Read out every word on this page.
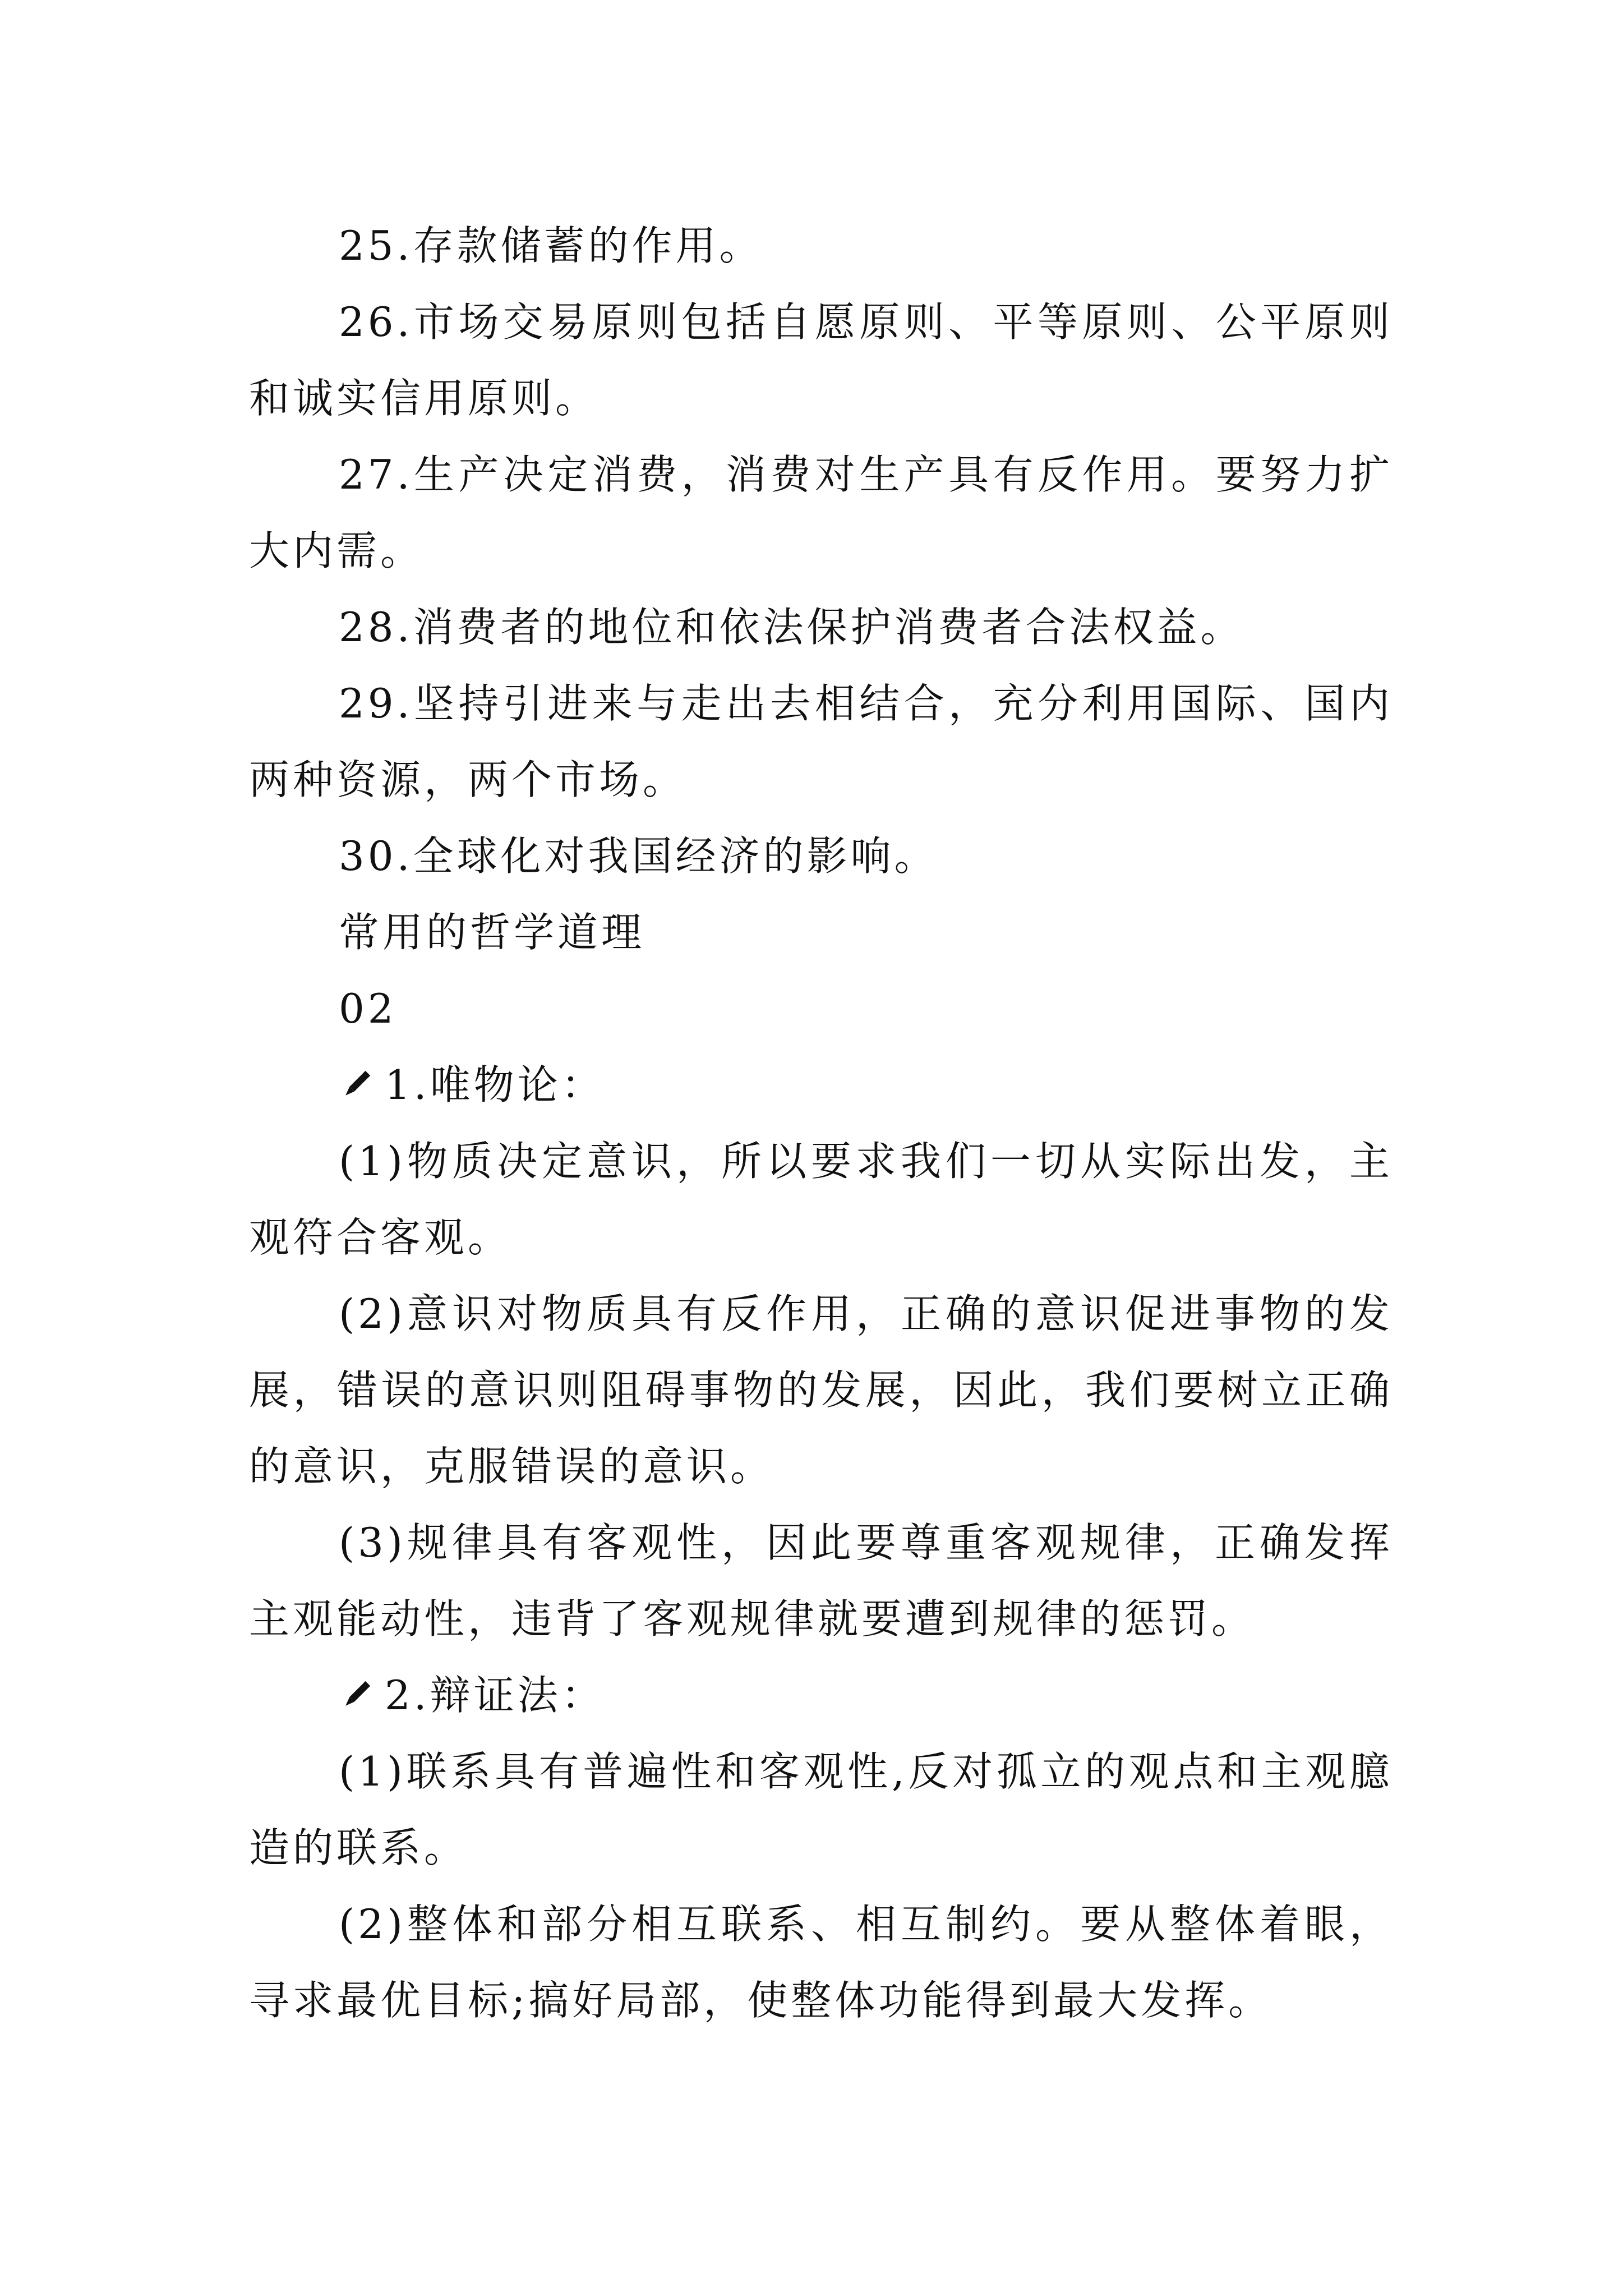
25.存款储蓄的作用。

26.市场交易原则包括自愿原则、平等原则、公平原则和诚实信用原则。

27.生产决定消费，消费对生产具有反作用。要努力扩大内需。

28.消费者的地位和依法保护消费者合法权益。

29.坚持引进来与走出去相结合，充分利用国际、国内两种资源，两个市场。

30.全球化对我国经济的影响。

常用的哲学道理

02

1.唯物论：

(1)物质决定意识，所以要求我们一切从实际出发，主观符合客观。

(2)意识对物质具有反作用，正确的意识促进事物的发展，错误的意识则阻碍事物的发展，因此，我们要树立正确的意识，克服错误的意识。

(3)规律具有客观性，因此要尊重客观规律，正确发挥主观能动性，违背了客观规律就要遭到规律的惩罚。

2.辩证法：

(1)联系具有普遍性和客观性,反对孤立的观点和主观臆造的联系。

(2)整体和部分相互联系、相互制约。要从整体着眼，寻求最优目标;搞好局部，使整体功能得到最大发挥。
